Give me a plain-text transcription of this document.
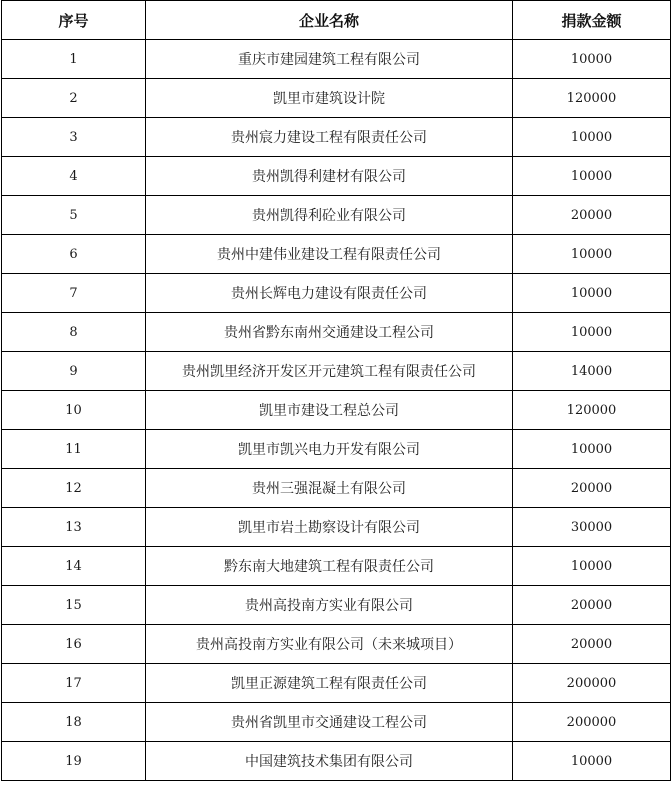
序号	企业名称	捐款金额
1	重庆市建园建筑工程有限公司	10000
2	凯里市建筑设计院	120000
3	贵州宸力建设工程有限责任公司	10000
4	贵州凯得利建材有限公司	10000
5	贵州凯得利砼业有限公司	20000
6	贵州中建伟业建设工程有限责任公司	10000
7	贵州长辉电力建设有限责任公司	10000
8	贵州省黔东南州交通建设工程公司	10000
9	贵州凯里经济开发区开元建筑工程有限责任公司	14000
10	凯里市建设工程总公司	120000
11	凯里市凯兴电力开发有限公司	10000
12	贵州三强混凝土有限公司	20000
13	凯里市岩土勘察设计有限公司	30000
14	黔东南大地建筑工程有限责任公司	10000
15	贵州高投南方实业有限公司	20000
16	贵州高投南方实业有限公司（未来城项目）	20000
17	凯里正源建筑工程有限责任公司	200000
18	贵州省凯里市交通建设工程公司	200000
19	中国建筑技术集团有限公司	10000
